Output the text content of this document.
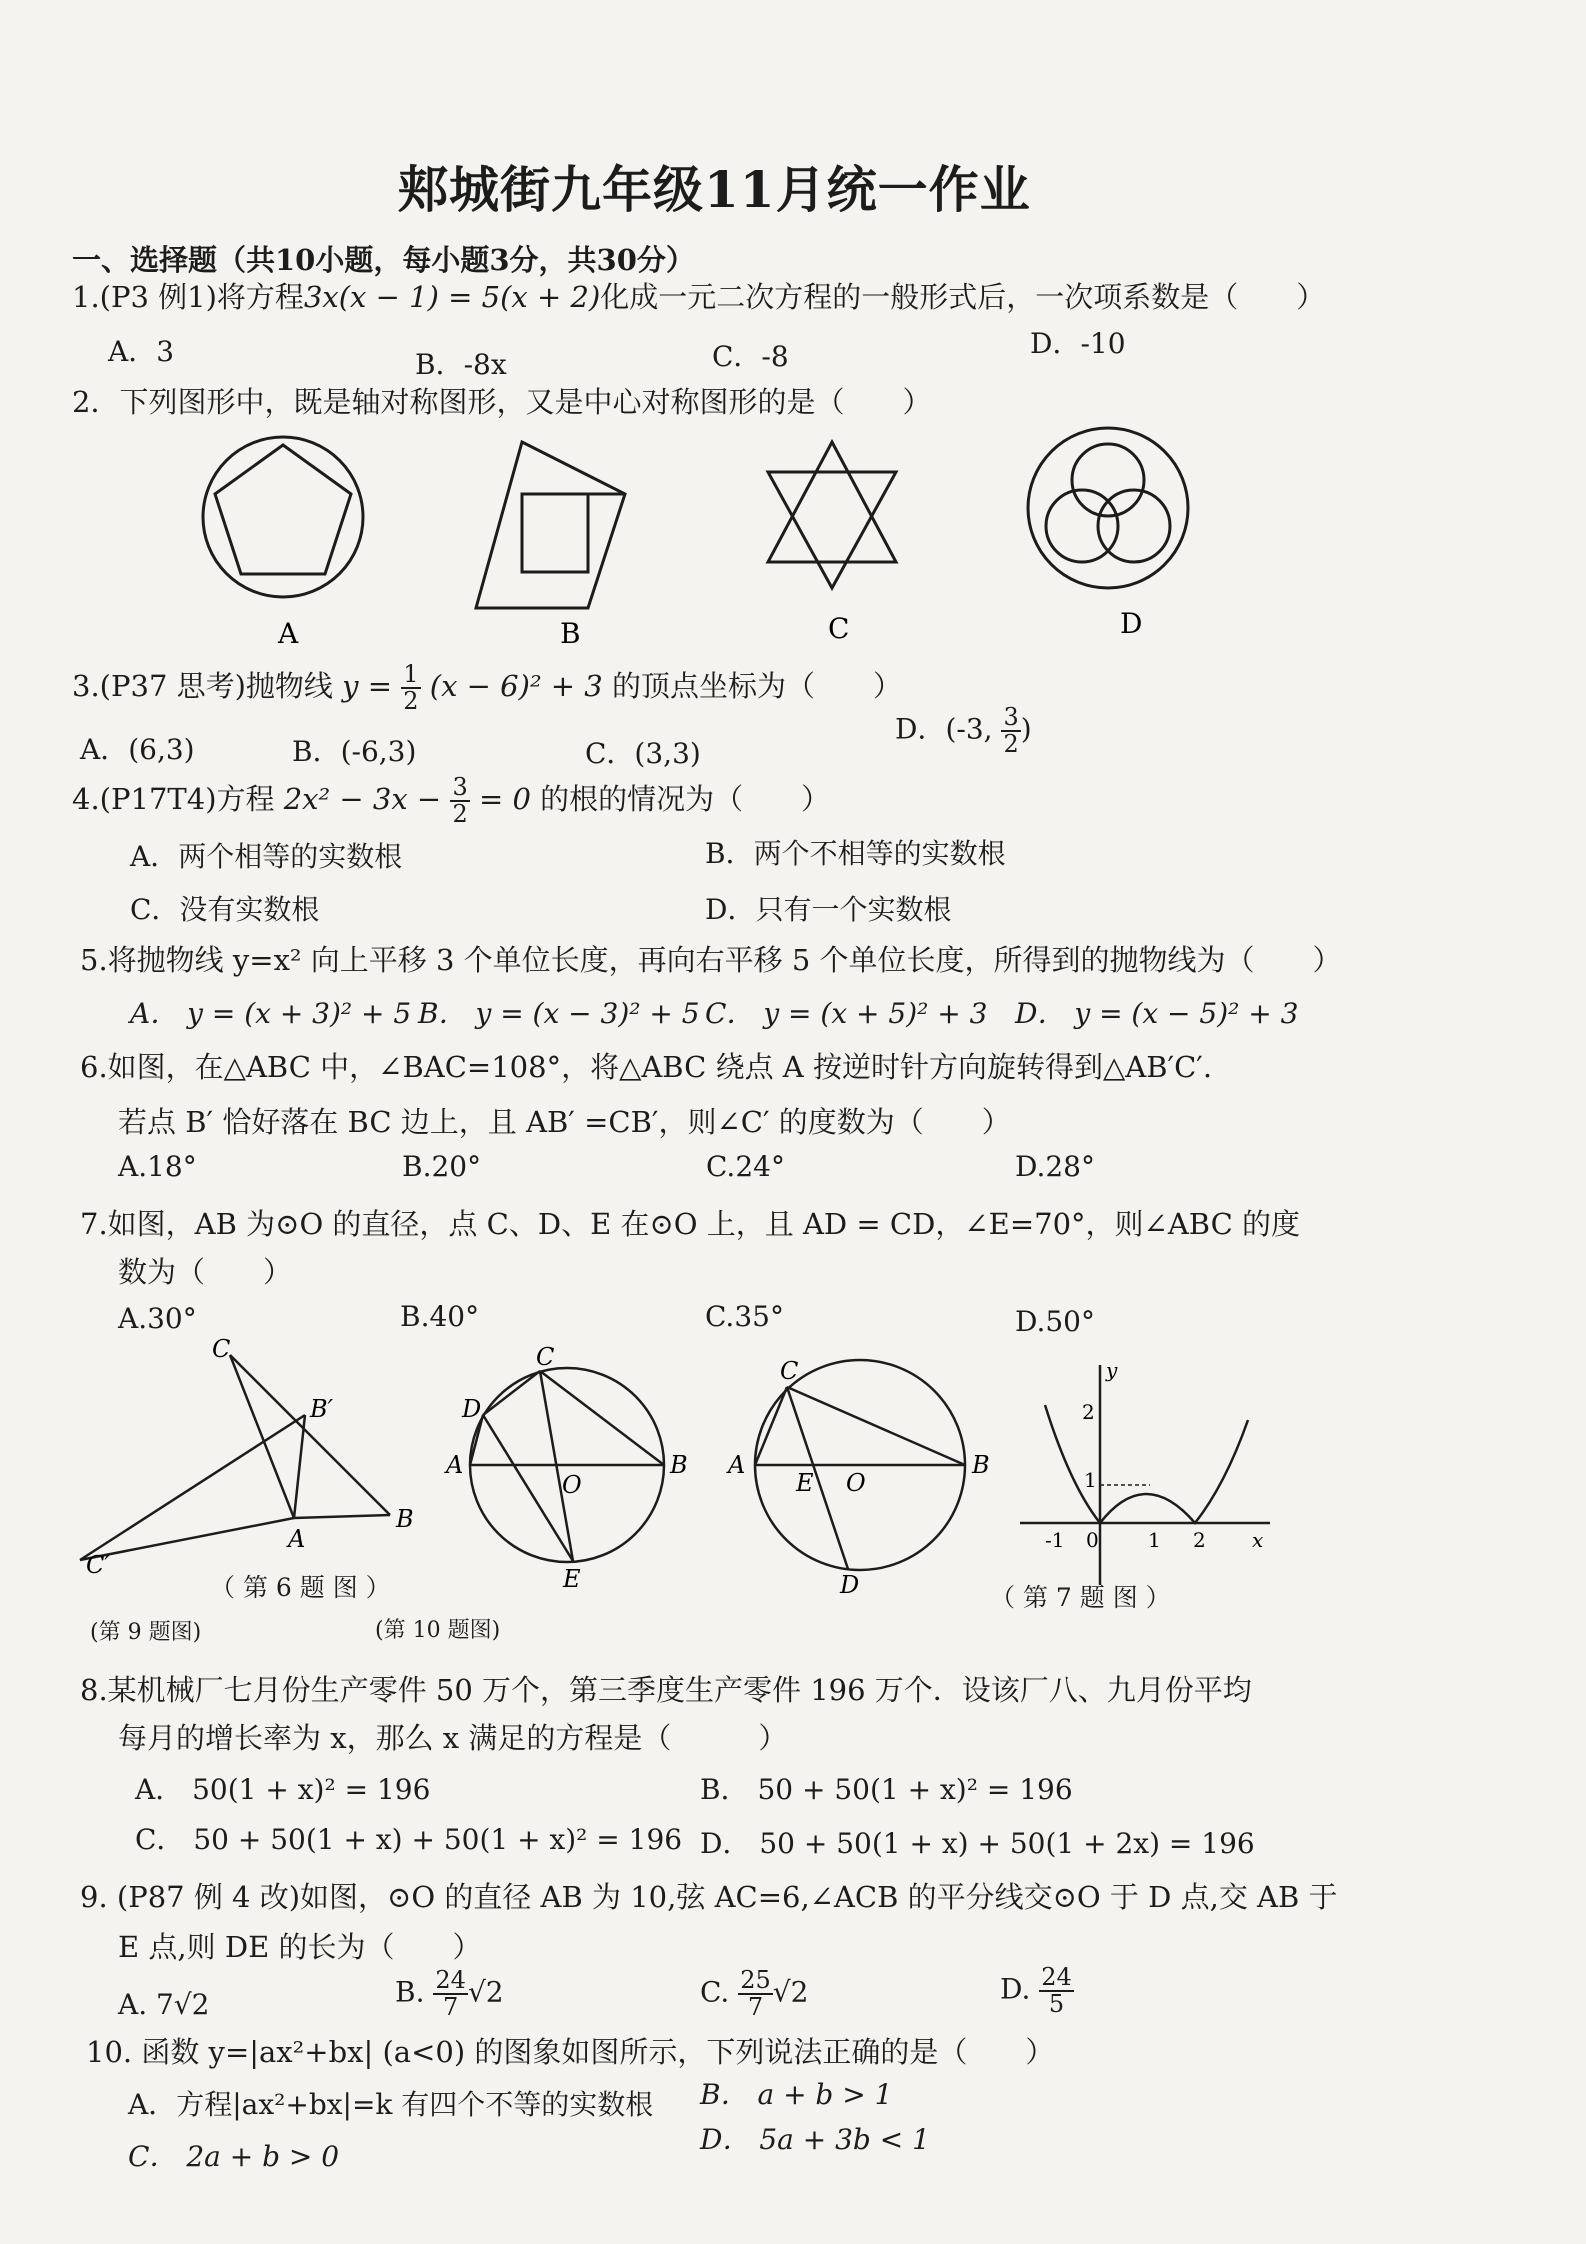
郏城街九年级11月统一作业
一、选择题（共10小题，每小题3分，共30分）
1.(P3 例1)将方程3x(x − 1) = 5(x + 2)化成一元二次方程的一般形式后，一次项系数是（　　）
A．3	B．-8x	C．-8	D．-10
2．下列图形中，既是轴对称图形，又是中心对称图形的是（　　）
A	B	C	D
3.(P37 思考)抛物线 $y = \frac{1}{2} (x - 6)^2 + 3$ 的顶点坐标为（　　）
A．(6,3)	B．(-6,3)	C．(3,3)
D．(-3, $\frac{3}{2}$ )
4.(P17T4)方程 $2x^2 - 3x - \frac{3}{2} = 0$ 的根的情况为（　　）
A．两个相等的实数根	B．两个不相等的实数根
C．没有实数根	D．只有一个实数根
5.将抛物线 y=x² 向上平移 3 个单位长度，再向右平移 5 个单位长度，所得到的抛物线为（　　）
A． y = (x + 3)² + 5 B． y = (x − 3)² + 5 C． y = (x + 5)² + 3 D． y = (x − 5)² + 3
6.如图，在△ABC 中，∠BAC=108°，将△ABC 绕点 A 按逆时针方向旋转得到△AB′C′.
若点 B′ 恰好落在 BC 边上，且 AB′ =CB′，则∠C′ 的度数为（　　）
A.18°	B.20°	C.24°	D.28°
7.如图，AB 为⊙O 的直径，点 C、D、E 在⊙O 上，且 AD = CD，∠E=70°，则∠ABC 的度
数为（　　）
A.30°	B.40°	C.35°	D.50°
C
B′
A
B
C′
C
D
A
O
B
E
C
A
E O
B
D
y
2
1
-1 0 1 2 x
（ 第 6 题 图 ）	（ 第 7 题 图 ）
(第 9 题图)	(第 10 题图)
8.某机械厂七月份生产零件 50 万个，第三季度生产零件 196 万个．设该厂八、九月份平均
每月的增长率为 x，那么 x 满足的方程是（　　　）
A． 50(1 + x)² = 196	B． 50 + 50(1 + x)² = 196
C． 50 + 50(1 + x) + 50(1 + x)² = 196 D． 50 + 50(1 + x) + 50(1 + 2x) = 196
9. (P87 例 4 改)如图，⊙O 的直径 AB 为 10,弦 AC=6,∠ACB 的平分线交⊙O 于 D 点,交 AB 于
E 点,则 DE 的长为（　　）
A. 7√2	B. $\frac{24}{7} √2$	C. $\frac{25}{7} √2$	D. $\frac{24}{5}$
10. 函数 y=|ax²+bx| (a<0) 的图象如图所示，下列说法正确的是（　　）
A．方程|ax²+bx|=k 有四个不等的实数根 B． a + b > 1
C． 2a + b > 0
D． 5a + 3b < 1
